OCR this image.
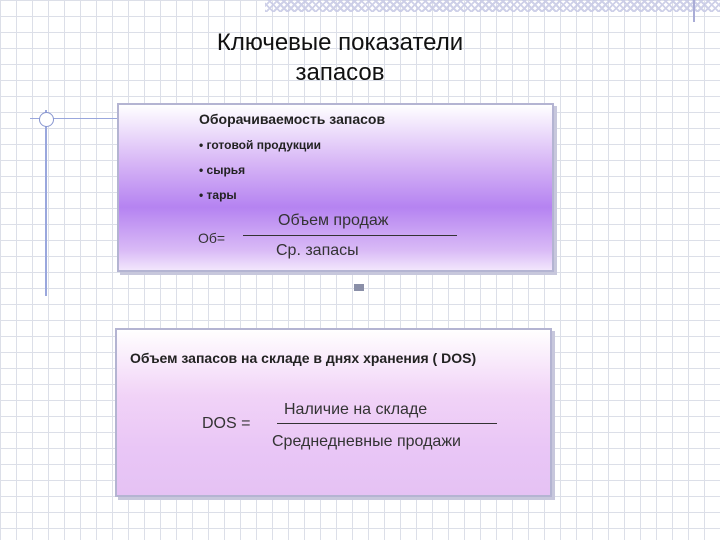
Ключевые показатели
запасов
Оборачиваемость запасов
• готовой продукции
• сырья
• тары
Об=
Объем продаж
Ср. запасы
Объем запасов на складе в днях хранения ( DOS)
DOS =
Наличие на складе
Среднедневные продажи
